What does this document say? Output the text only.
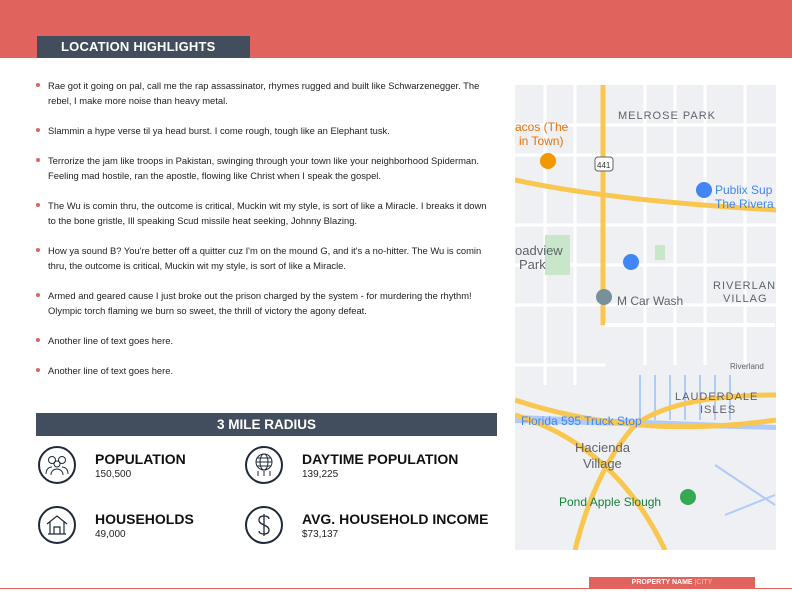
LOCATION HIGHLIGHTS
Rae got it going on pal, call me the rap assassinator, rhymes rugged and built like Schwarzenegger. The rebel, I make more noise than heavy metal.
Slammin a hype verse til ya head burst. I come rough, tough like an Elephant tusk.
Terrorize the jam like troops in Pakistan, swinging through your town like your neighborhood Spiderman. Feeling mad hostile, ran the apostle, flowing like Christ when I speak the gospel.
The Wu is comin thru, the outcome is critical, Muckin wit my style, is sort of like a Miracle. I breaks it down to the bone gristle, Ill speaking Scud missile heat seeking, Johnny Blazing.
How ya sound B? You're better off a quitter cuz I'm on the mound G, and it's a no-hitter. The Wu is comin thru, the outcome is critical, Muckin wit my style, is sort of like a Miracle.
Armed and geared cause I just broke out the prison charged by the system - for murdering the rhythm! Olympic torch flaming we burn so sweet, the thrill of victory the agony defeat.
Another line of text goes here.
Another line of text goes here.
3 MILE RADIUS
POPULATION
150,500
DAYTIME POPULATION
139,225
HOUSEHOLDS
49,000
AVG. HOUSEHOLD INCOME
$73,137
MELROSE PARK
RIVERLAN
VILLAG
LAUDERDALE
ISLES
oadview
Park
M Car Wash
Hacienda
Village
Riverland
acos (The
in Town)
441
Publix Sup
The Rivera
Florida 595 Truck Stop
Pond Apple Slough
PROPERTY NAME |CITY
